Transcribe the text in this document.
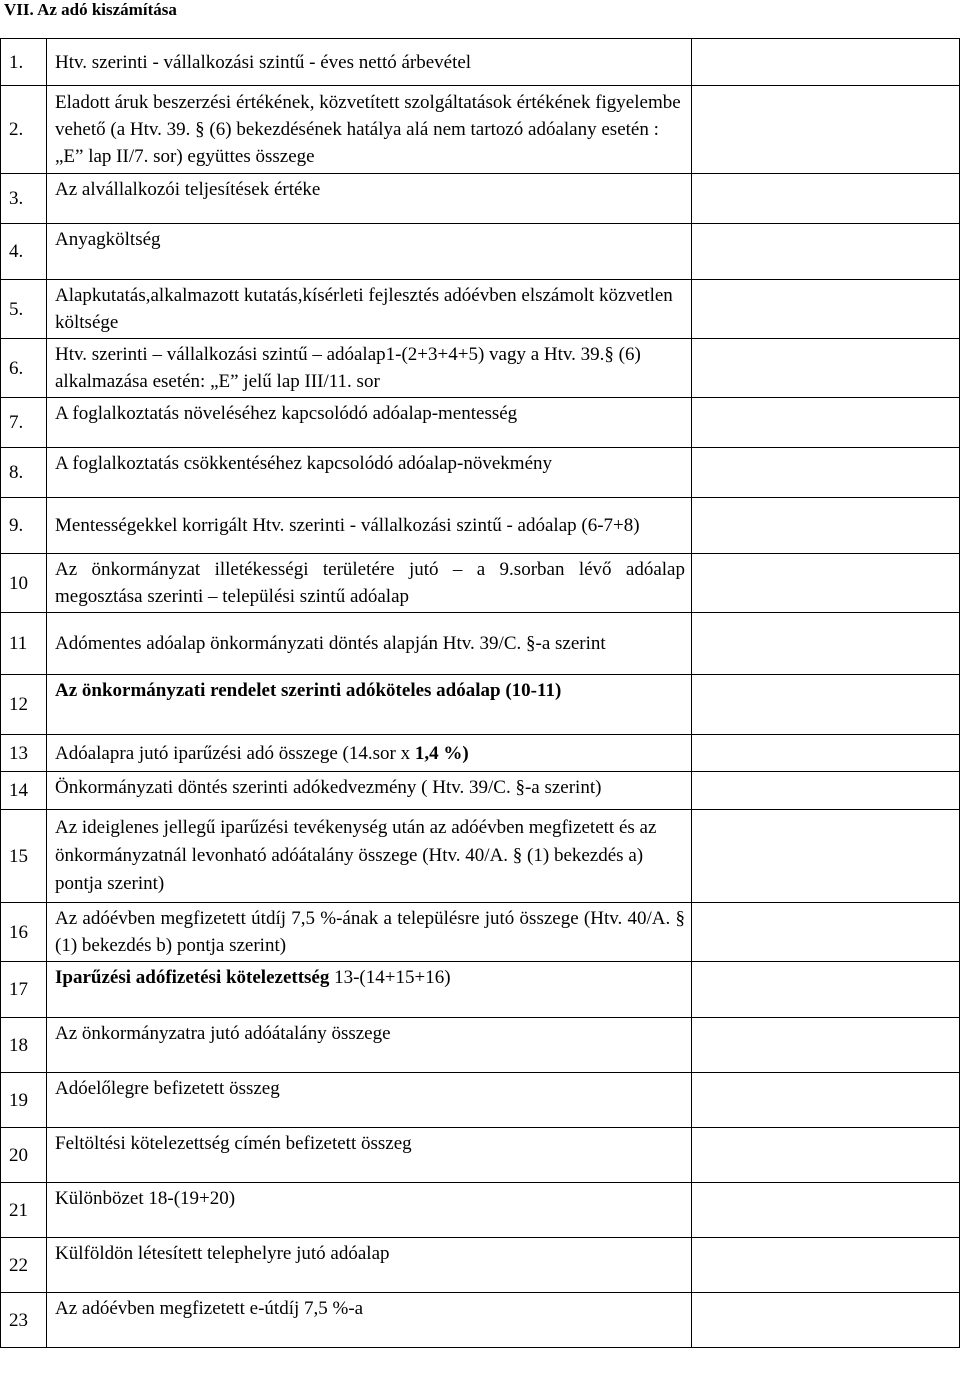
VII. Az adó kiszámítása
1.	Htv. szerinti - vállalkozási szintű - éves nettó árbevétel	
2.	Eladott áruk beszerzési értékének, közvetített szolgáltatások értékének figyelembe vehető (a Htv. 39. § (6) bekezdésének hatálya alá nem tartozó adóalany esetén : „E” lap II/7. sor) együttes összege	
3.	Az alvállalkozói teljesítések értéke	
4.	Anyagköltség	
5.	Alapkutatás,alkalmazott kutatás,kísérleti fejlesztés adóévben elszámolt közvetlen költsége	
6.	Htv. szerinti – vállalkozási szintű – adóalap1-(2+3+4+5) vagy a Htv. 39.§ (6) alkalmazása esetén: „E” jelű lap III/11. sor	
7.	A foglalkoztatás növeléséhez kapcsolódó adóalap-mentesség	
8.	A foglalkoztatás csökkentéséhez kapcsolódó adóalap-növekmény	
9.	Mentességekkel korrigált Htv. szerinti - vállalkozási szintű - adóalap (6-7+8)	
10	Az önkormányzat illetékességi területére jutó – a 9.sorban lévő adóalap megosztása szerinti – települési szintű adóalap	
11	Adómentes adóalap önkormányzati döntés alapján Htv. 39/C. §-a szerint	
12	Az önkormányzati rendelet szerinti adóköteles adóalap (10-11)	
13	Adóalapra jutó iparűzési adó összege (14.sor x 1,4 %)	
14	Önkormányzati döntés szerinti adókedvezmény ( Htv. 39/C. §-a szerint)	

15	Az ideiglenes jellegű iparűzési tevékenység után az adóévben megfizetett és az önkormányzatnál levonható adóátalány összege (Htv. 40/A. § (1) bekezdés a) pontja szerint)	
16	Az adóévben megfizetett útdíj 7,5 %-ának a településre jutó összege (Htv. 40/A. § (1) bekezdés b) pontja szerint)	
17	Iparűzési adófizetési kötelezettség 13-(14+15+16)	
18	Az önkormányzatra jutó adóátalány összege	
19	Adóelőlegre befizetett összeg	
20	Feltöltési kötelezettség címén befizetett összeg	
21	Különbözet 18-(19+20)	
22	Külföldön létesített telephelyre jutó adóalap	
23	Az adóévben megfizetett e-útdíj 7,5 %-a	
